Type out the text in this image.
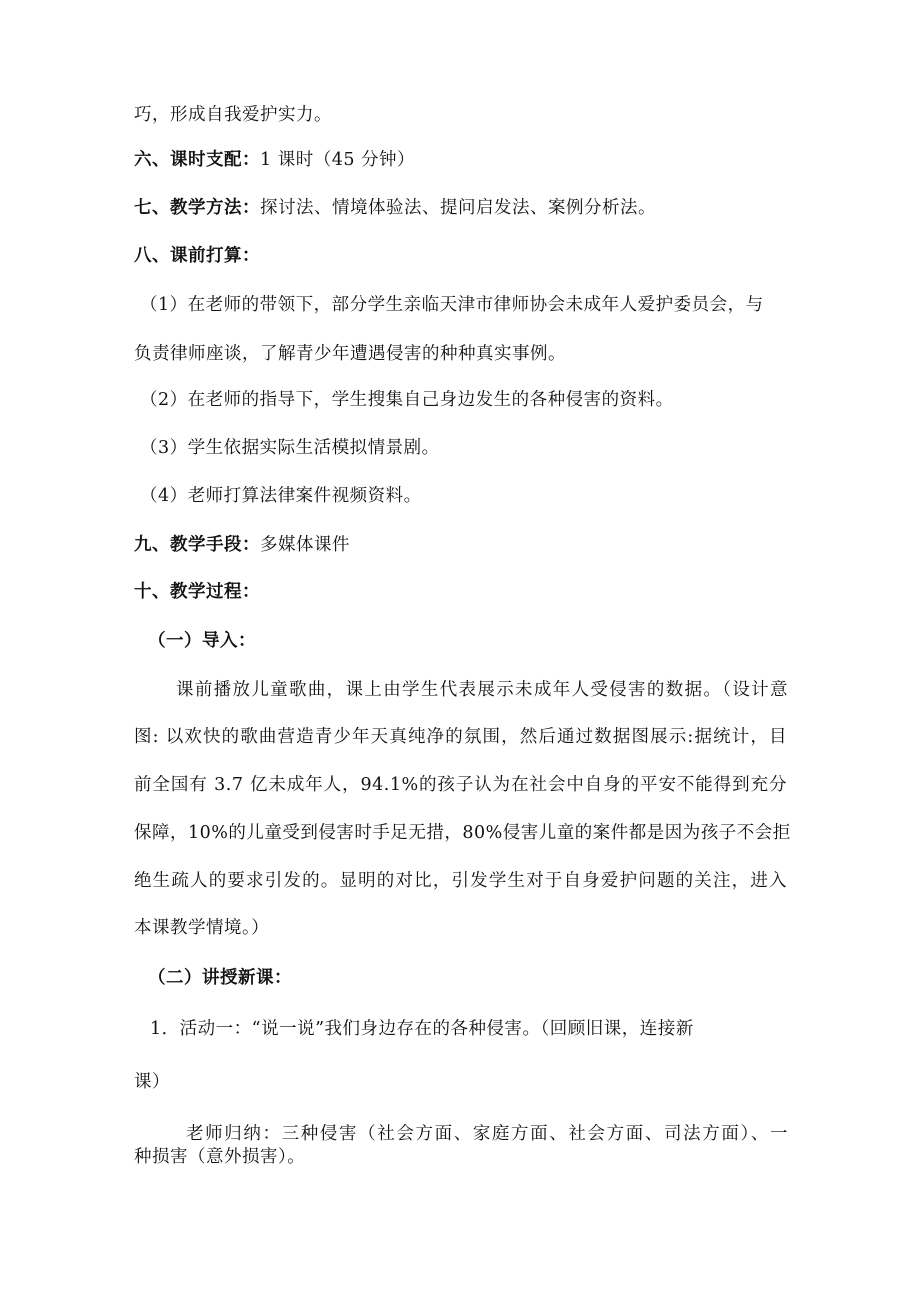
巧，形成自我爱护实力。

六、课时支配：1 课时（45 分钟）

七、教学方法：探讨法、情境体验法、提问启发法、案例分析法。

八、课前打算：

（1）在老师的带领下，部分学生亲临天津市律师协会未成年人爱护委员会，与

负责律师座谈，了解青少年遭遇侵害的种种真实事例。

（2）在老师的指导下，学生搜集自己身边发生的各种侵害的资料。

（3）学生依据实际生活模拟情景剧。

（4）老师打算法律案件视频资料。

九、教学手段：多媒体课件

十、教学过程：

（一）导入：

课前播放儿童歌曲，课上由学生代表展示未成年人受侵害的数据。（设计意

图: 以欢快的歌曲营造青少年天真纯净的氛围，然后通过数据图展示:据统计，目

前全国有 3.7 亿未成年人，94.1%的孩子认为在社会中自身的平安不能得到充分

保障，10%的儿童受到侵害时手足无措，80%侵害儿童的案件都是因为孩子不会拒

绝生疏人的要求引发的。显明的对比，引发学生对于自身爱护问题的关注，进入

本课教学情境。）

（二）讲授新课：

1．活动一：“说一说”我们身边存在的各种侵害。（回顾旧课，连接新

课）

老师归纳：三种侵害（社会方面、家庭方面、社会方面、司法方面）、一

种损害（意外损害）。
